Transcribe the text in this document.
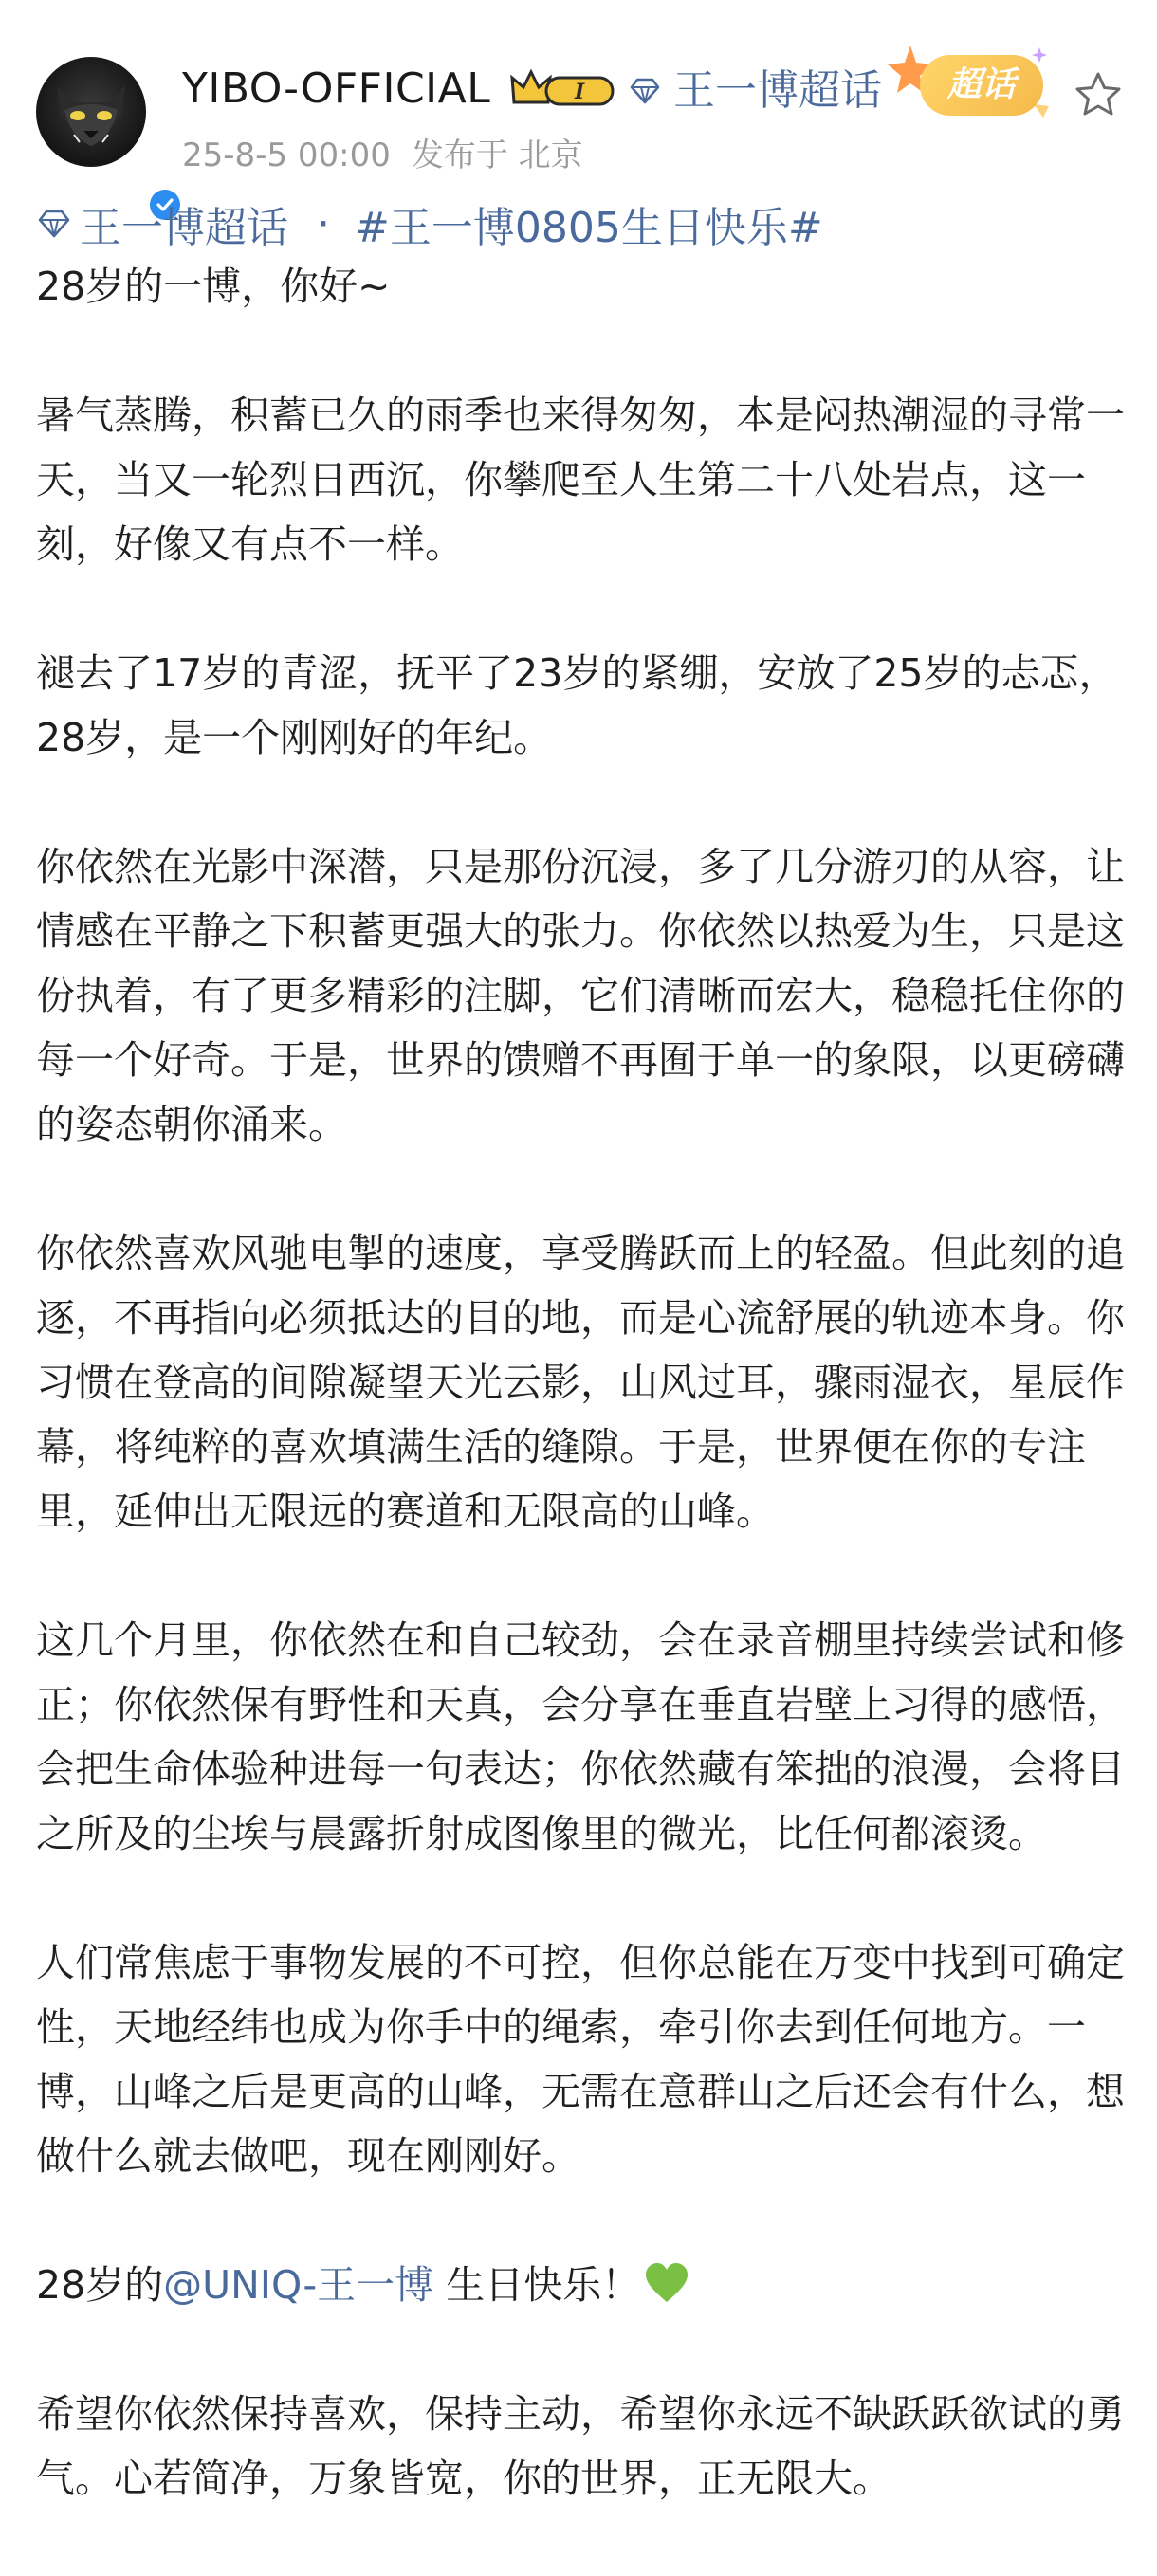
YIBO-OFFICIAL	I 王一博超话	超话
25-8-5 00:00 发布于 北京
王一博超话 · #王一博0805生日快乐#

28岁的一博，你好~

暑气蒸腾，积蓄已久的雨季也来得匆匆，本是闷热潮湿的寻常一天，当又一轮烈日西沉，你攀爬至人生第二十八处岩点，这一刻，好像又有点不一样。

褪去了17岁的青涩，抚平了23岁的紧绷，安放了25岁的忐忑，28岁，是一个刚刚好的年纪。

你依然在光影中深潜，只是那份沉浸，多了几分游刃的从容，让情感在平静之下积蓄更强大的张力。你依然以热爱为生，只是这份执着，有了更多精彩的注脚，它们清晰而宏大，稳稳托住你的每一个好奇。于是，世界的馈赠不再囿于单一的象限，以更磅礴的姿态朝你涌来。

你依然喜欢风驰电掣的速度，享受腾跃而上的轻盈。但此刻的追逐，不再指向必须抵达的目的地，而是心流舒展的轨迹本身。你习惯在登高的间隙凝望天光云影，山风过耳，骤雨湿衣，星辰作幕，将纯粹的喜欢填满生活的缝隙。于是，世界便在你的专注里，延伸出无限远的赛道和无限高的山峰。

这几个月里，你依然在和自己较劲，会在录音棚里持续尝试和修正；你依然保有野性和天真，会分享在垂直岩壁上习得的感悟，会把生命体验种进每一句表达；你依然藏有笨拙的浪漫，会将目之所及的尘埃与晨露折射成图像里的微光，比任何都滚烫。

人们常焦虑于事物发展的不可控，但你总能在万变中找到可确定性，天地经纬也成为你手中的绳索，牵引你去到任何地方。一博，山峰之后是更高的山峰，无需在意群山之后还会有什么，想做什么就去做吧，现在刚刚好。

28岁的@UNIQ-王一博 生日快乐！

希望你依然保持喜欢，保持主动，希望你永远不缺跃跃欲试的勇气。心若简净，万象皆宽，你的世界，正无限大。
